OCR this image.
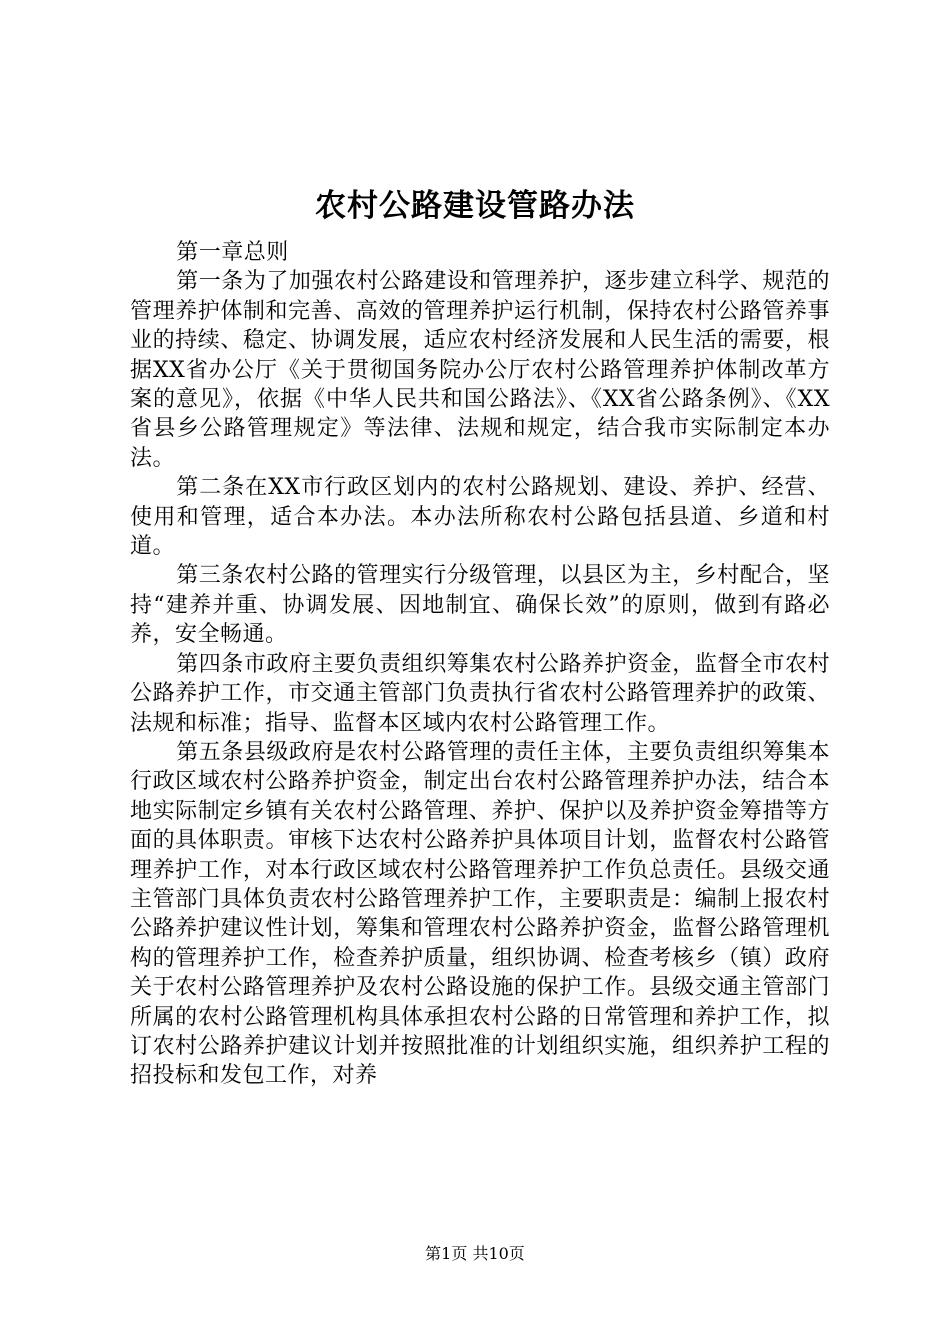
农村公路建设管路办法

第一章总则

第一条为了加强农村公路建设和管理养护，逐步建立科学、规范的管理养护体制和完善、高效的管理养护运行机制，保持农村公路管养事业的持续、稳定、协调发展，适应农村经济发展和人民生活的需要，根据XX省办公厅《关于贯彻国务院办公厅农村公路管理养护体制改革方案的意见》，依据《中华人民共和国公路法》、《XX省公路条例》、《XX省县乡公路管理规定》等法律、法规和规定，结合我市实际制定本办法。

第二条在XX市行政区划内的农村公路规划、建设、养护、经营、使用和管理，适合本办法。本办法所称农村公路包括县道、乡道和村道。

第三条农村公路的管理实行分级管理，以县区为主，乡村配合，坚持“建养并重、协调发展、因地制宜、确保长效”的原则，做到有路必养，安全畅通。

第四条市政府主要负责组织筹集农村公路养护资金，监督全市农村公路养护工作，市交通主管部门负责执行省农村公路管理养护的政策、法规和标准；指导、监督本区域内农村公路管理工作。

第五条县级政府是农村公路管理的责任主体，主要负责组织筹集本行政区域农村公路养护资金，制定出台农村公路管理养护办法，结合本地实际制定乡镇有关农村公路管理、养护、保护以及养护资金筹措等方面的具体职责。审核下达农村公路养护具体项目计划，监督农村公路管理养护工作，对本行政区域农村公路管理养护工作负总责任。县级交通主管部门具体负责农村公路管理养护工作，主要职责是：编制上报农村公路养护建议性计划，筹集和管理农村公路养护资金，监督公路管理机构的管理养护工作，检查养护质量，组织协调、检查考核乡（镇）政府关于农村公路管理养护及农村公路设施的保护工作。县级交通主管部门所属的农村公路管理机构具体承担农村公路的日常管理和养护工作，拟订农村公路养护建议计划并按照批准的计划组织实施，组织养护工程的招投标和发包工作，对养

第1页 共10页
